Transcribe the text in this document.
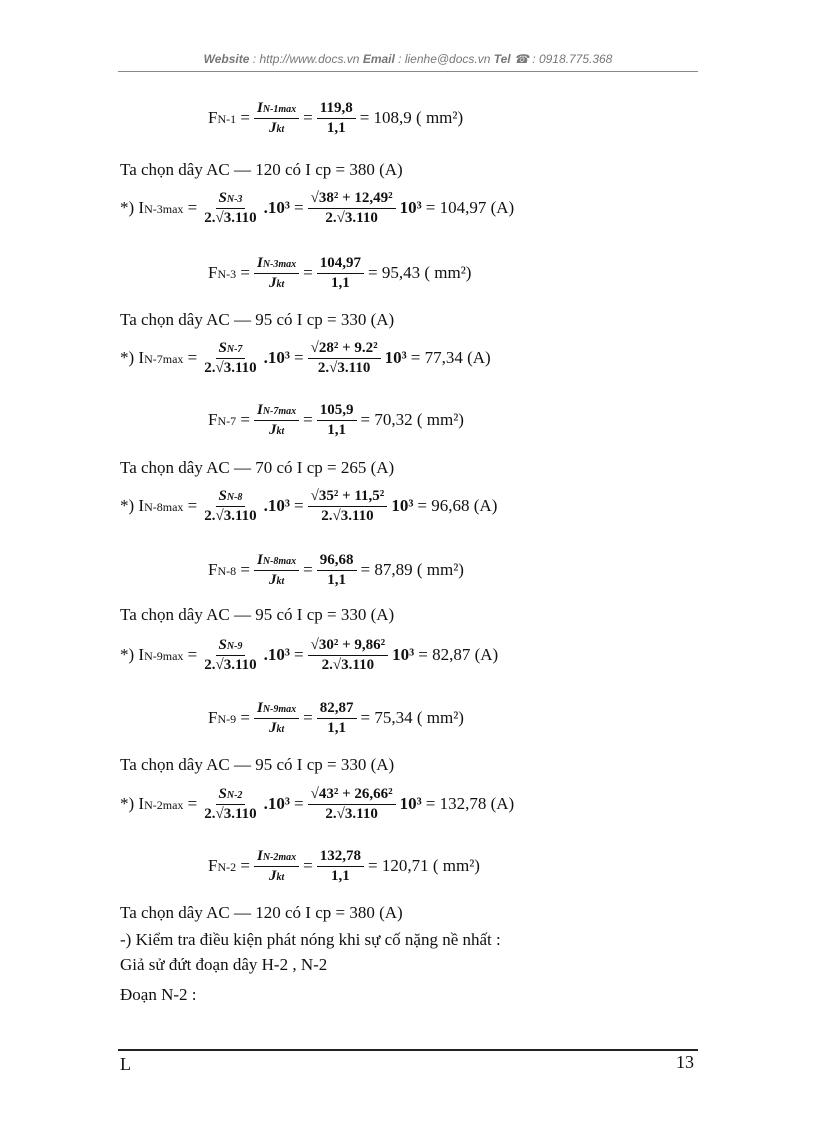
Website : http://www.docs.vn Email : lienhe@docs.vn Tel ☎ : 0918.775.368
$FN-1 = \frac{IN-1\max}{\text{Jkt}} = \frac{119,8}{1,1} = 108,9$ ( mm²)
Ta chọn dây AC — 120 có I cp = 380 (A)
*) $IN-3\max = \frac{SN-3}{2.√3.110} .10^3 = \frac{\text{√38² + 12,49²}}{2.√3.110} 10^3 = 104,97$ (A)
$FN-3 = \frac{IN-3\max}{\text{Jkt}} = \frac{104,97}{1,1} = 95,43$ ( mm²)
Ta chọn dây AC — 95 có I cp = 330 (A)
*) $IN-7\max = \frac{SN-7}{2.√3.110} .10^3 = \frac{\text{√28² + 9.2²}}{2.√3.110} 10^3 = 77,34$ (A)
$FN-7 = \frac{IN-7\max}{\text{Jkt}} = \frac{105,9}{1,1} = 70,32$ ( mm²)
Ta chọn dây AC — 70 có I cp = 265 (A)
*) $IN-8\max = \frac{SN-8}{2.√3.110} .10^3 = \frac{\text{√35² + 11,5²}}{2.√3.110} 10^3 = 96,68$ (A)
$FN-8 = \frac{IN-8\max}{\text{Jkt}} = \frac{96,68}{1,1} = 87,89$ ( mm²)
Ta chọn dây AC — 95 có I cp = 330 (A)
*) $IN-9\max = \frac{SN-9}{2.√3.110} .10^3 = \frac{\text{√30² + 9,86²}}{2.√3.110} 10^3 = 82,87$ (A)
$FN-9 = \frac{IN-9\max}{\text{Jkt}} = \frac{82,87}{1,1} = 75,34$ ( mm²)
Ta chọn dây AC — 95 có I cp = 330 (A)
*) $IN-2\max = \frac{SN-2}{2.√3.110} .10^3 = \frac{\text{√43² + 26,66²}}{2.√3.110} 10^3 = 132,78$ (A)
$FN-2 = \frac{IN-2\max}{\text{Jkt}} = \frac{132,78}{1,1} = 120,71$ ( mm²)
Ta chọn dây AC — 120 có I cp = 380 (A)
-) Kiểm tra điều kiện phát nóng khi sự cố nặng nề nhất :
Giả sử đứt đoạn dây H-2 , N-2
Đoạn N-2 :
L	13
